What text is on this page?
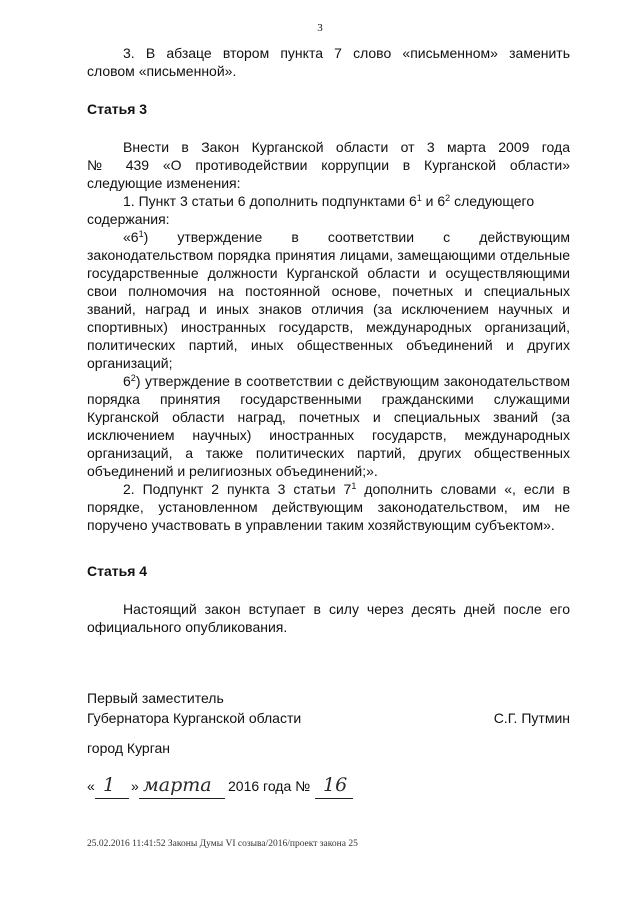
3

3. В абзаце втором пункта 7 слово «письменном» заменить

словом «письменной».

Статья 3

Внести в Закон Курганской области от 3 марта 2009 года

№ 439 «О противодействии коррупции в Курганской области»

следующие изменения:

1. Пункт 3 статьи 6 дополнить подпунктами $6^1$ и $6^2$ следующего

содержания:

«$6^1$) утверждение в соответствии с действующим законодательством порядка принятия лицами, замещающими отдельные государственные должности Курганской области и осуществляющими свои полномочия на постоянной основе, почетных и специальных званий, наград и иных знаков отличия (за исключением научных и спортивных) иностранных государств, международных организаций, политических партий, иных общественных объединений и других организаций;

$6^2$) утверждение в соответствии с действующим законодательством порядка принятия государственными гражданскими служащими Курганской области наград, почетных и специальных званий (за исключением научных) иностранных государств, международных организаций, а также политических партий, других общественных объединений и религиозных объединений;».

2. Подпункт 2 пункта 3 статьи $7^1$ дополнить словами «, если в порядке, установленном действующим законодательством, им не поручено участвовать в управлении таким хозяйствующим субъектом».

Статья 4

Настоящий закон вступает в силу через десять дней после его

официального опубликования.

Первый заместитель
Губернатора Курганской области	С.Г. Путмин
город Курган
« 1 » марта 2016 года № 16
25.02.2016 11:41:52 Законы Думы VI созыва/2016/проект закона 25
